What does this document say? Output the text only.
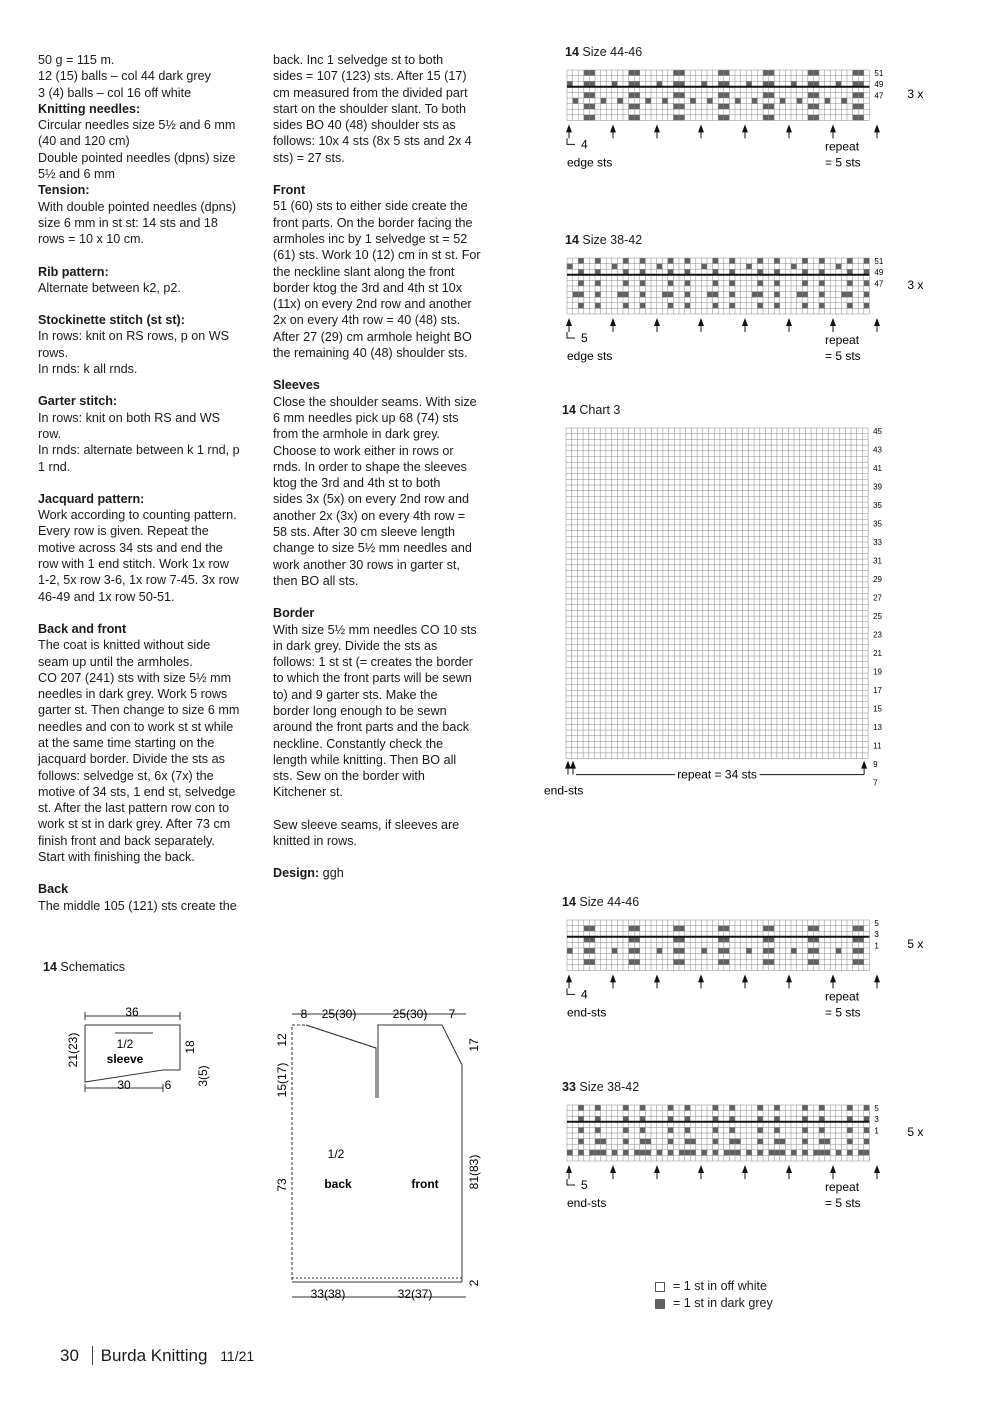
50 g = 115 m.
12 (15) balls – col 44 dark grey
3 (4) balls – col 16 off white

Knitting needles:

Circular needles size 5½ and 6 mm
(40 and 120 cm)
Double pointed needles (dpns) size
5½ and 6 mm

Tension:

With double pointed needles (dpns)
size 6 mm in st st: 14 sts and 18
rows = 10 x 10 cm.

Rib pattern:

Alternate between k2, p2.

Stockinette stitch (st st):

In rows: knit on RS rows, p on WS
rows.
In rnds: k all rnds.

Garter stitch:

In rows: knit on both RS and WS
row.
In rnds: alternate between k 1 rnd, p
1 rnd.

Jacquard pattern:

Work according to counting pattern.
Every row is given. Repeat the
motive across 34 sts and end the
row with 1 end stitch. Work 1x row
1-2, 5x row 3-6, 1x row 7-45. 3x row
46-49 and 1x row 50-51.

Back and front

The coat is knitted without side
seam up until the armholes.
CO 207 (241) sts with size 5½ mm
needles in dark grey. Work 5 rows
garter st. Then change to size 6 mm
needles and con to work st st while
at the same time starting on the
jacquard border. Divide the sts as
follows: selvedge st, 6x (7x) the
motive of 34 sts, 1 end st, selvedge
st. After the last pattern row con to
work st st in dark grey. After 73 cm
finish front and back separately.
Start with finishing the back.

Back

The middle 105 (121) sts create the

back. Inc 1 selvedge st to both
sides = 107 (123) sts. After 15 (17)
cm measured from the divided part
start on the shoulder slant. To both
sides BO 40 (48) shoulder sts as
follows: 10x 4 sts (8x 5 sts and 2x 4
sts) = 27 sts.

Front

51 (60) sts to either side create the
front parts. On the border facing the
armholes inc by 1 selvedge st = 52
(61) sts. Work 10 (12) cm in st st. For
the neckline slant along the front
border ktog the 3rd and 4th st 10x
(11x) on every 2nd row and another
2x on every 4th row = 40 (48) sts.
After 27 (29) cm armhole height BO
the remaining 40 (48) shoulder sts.

Sleeves

Close the shoulder seams. With size
6 mm needles pick up 68 (74) sts
from the armhole in dark grey.
Choose to work either in rows or
rnds. In order to shape the sleeves
ktog the 3rd and 4th st to both
sides 3x (5x) on every 2nd row and
another 2x (3x) on every 4th row =
58 sts. After 30 cm sleeve length
change to size 5½ mm needles and
work another 30 rows in garter st,
then BO all sts.

Border

With size 5½ mm needles CO 10 sts
in dark grey. Divide the sts as
follows: 1 st st (= creates the border
to which the front parts will be sewn
to) and 9 garter sts. Make the
border long enough to be sewn
around the front parts and the back
neckline. Constantly check the
length while knitting. Then BO all
sts. Sew on the border with
Kitchener st.

Sew sleeve seams, if sleeves are
knitted in rows.

Design: ggh

14 Size 44-46
51
49
47 3 x
4
edge sts
repeat
= 5 sts
14 Size 38-42
51
49
47 3 x
5
edge sts
repeat
= 5 sts
14 Chart 3
45
43
41
39
35
35
33
31
29
27
25
23
21
19
17
15
13
11
9
7
repeat = 34 sts
end-sts
14 Size 44-46
5
3
1 5 x
4
end-sts
repeat
= 5 sts
33 Size 38-42
5
3
1 5 x
5
end-sts
repeat
= 5 sts
14 Schematics
36
1/2
sleeve
30	6
21(23)	18
3(5)
8 25(30)	25(30) 7
12
15(17)
73
17
81(83)
2
1/2
back	front
33(38)	32(37)
= 1 st in off white
= 1 st in dark grey
30 Burda Knitting 11/21
